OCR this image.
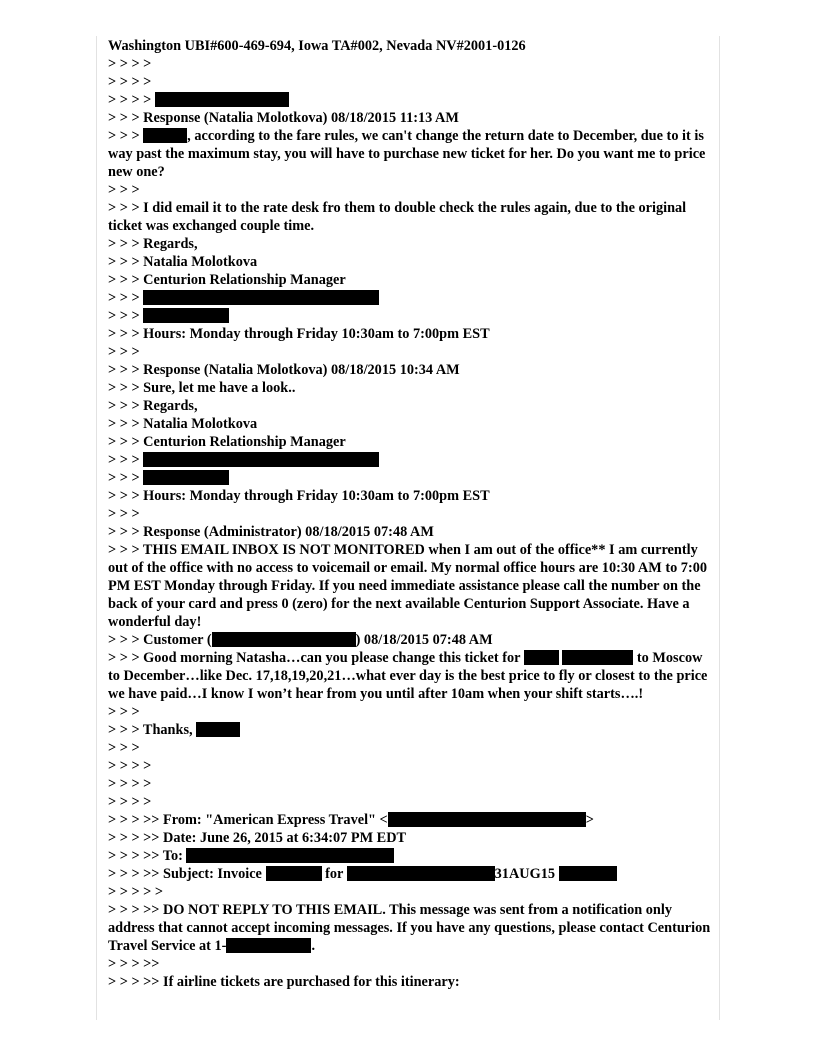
Washington UBI#600-469-694, Iowa TA#002, Nevada NV#2001-0126
> > > >
> > > >
> > > >
> > > Response (Natalia Molotkova) 08/18/2015 11:13 AM
> > >	, according to the fare rules, we can't change the return date to December, due to it is way past the maximum stay, you will have to purchase new ticket for her. Do you want me to price new one?
> > >
> > > I did email it to the rate desk fro them to double check the rules again, due to the original ticket was exchanged couple time.
> > > Regards,
> > > Natalia Molotkova
> > > Centurion Relationship Manager
> > >
> > >
> > > Hours: Monday through Friday 10:30am to 7:00pm EST
> > >
> > > Response (Natalia Molotkova) 08/18/2015 10:34 AM
> > > Sure, let me have a look..
> > > Regards,
> > > Natalia Molotkova
> > > Centurion Relationship Manager
> > >
> > >
> > > Hours: Monday through Friday 10:30am to 7:00pm EST
> > >
> > > Response (Administrator) 08/18/2015 07:48 AM
> > > THIS EMAIL INBOX IS NOT MONITORED when I am out of the office** I am currently out of the office with no access to voicemail or email. My normal office hours are 10:30 AM to 7:00 PM EST Monday through Friday. If you need immediate assistance please call the number on the back of your card and press 0 (zero) for the next available Centurion Support Associate. Have a wonderful day!
> > > Customer (	) 08/18/2015 07:48 AM
> > > Good morning Natasha…can you please change this ticket for	to Moscow to December…like Dec. 17,18,19,20,21…what ever day is the best price to fly or closest to the price we have paid…I know I won’t hear from you until after 10am when your shift starts….!
> > >
> > > Thanks,
> > >
> > > >
> > > >
> > > >
> > > >> From: "American Express Travel" <	>
> > > >> Date: June 26, 2015 at 6:34:07 PM EDT
> > > >> To:
> > > >> Subject: Invoice	for	31AUG15
> > > > >
> > > >> DO NOT REPLY TO THIS EMAIL. This message was sent from a notification only address that cannot accept incoming messages. If you have any questions, please contact Centurion Travel Service at 1-	.
> > > >>
> > > >> If airline tickets are purchased for this itinerary:
